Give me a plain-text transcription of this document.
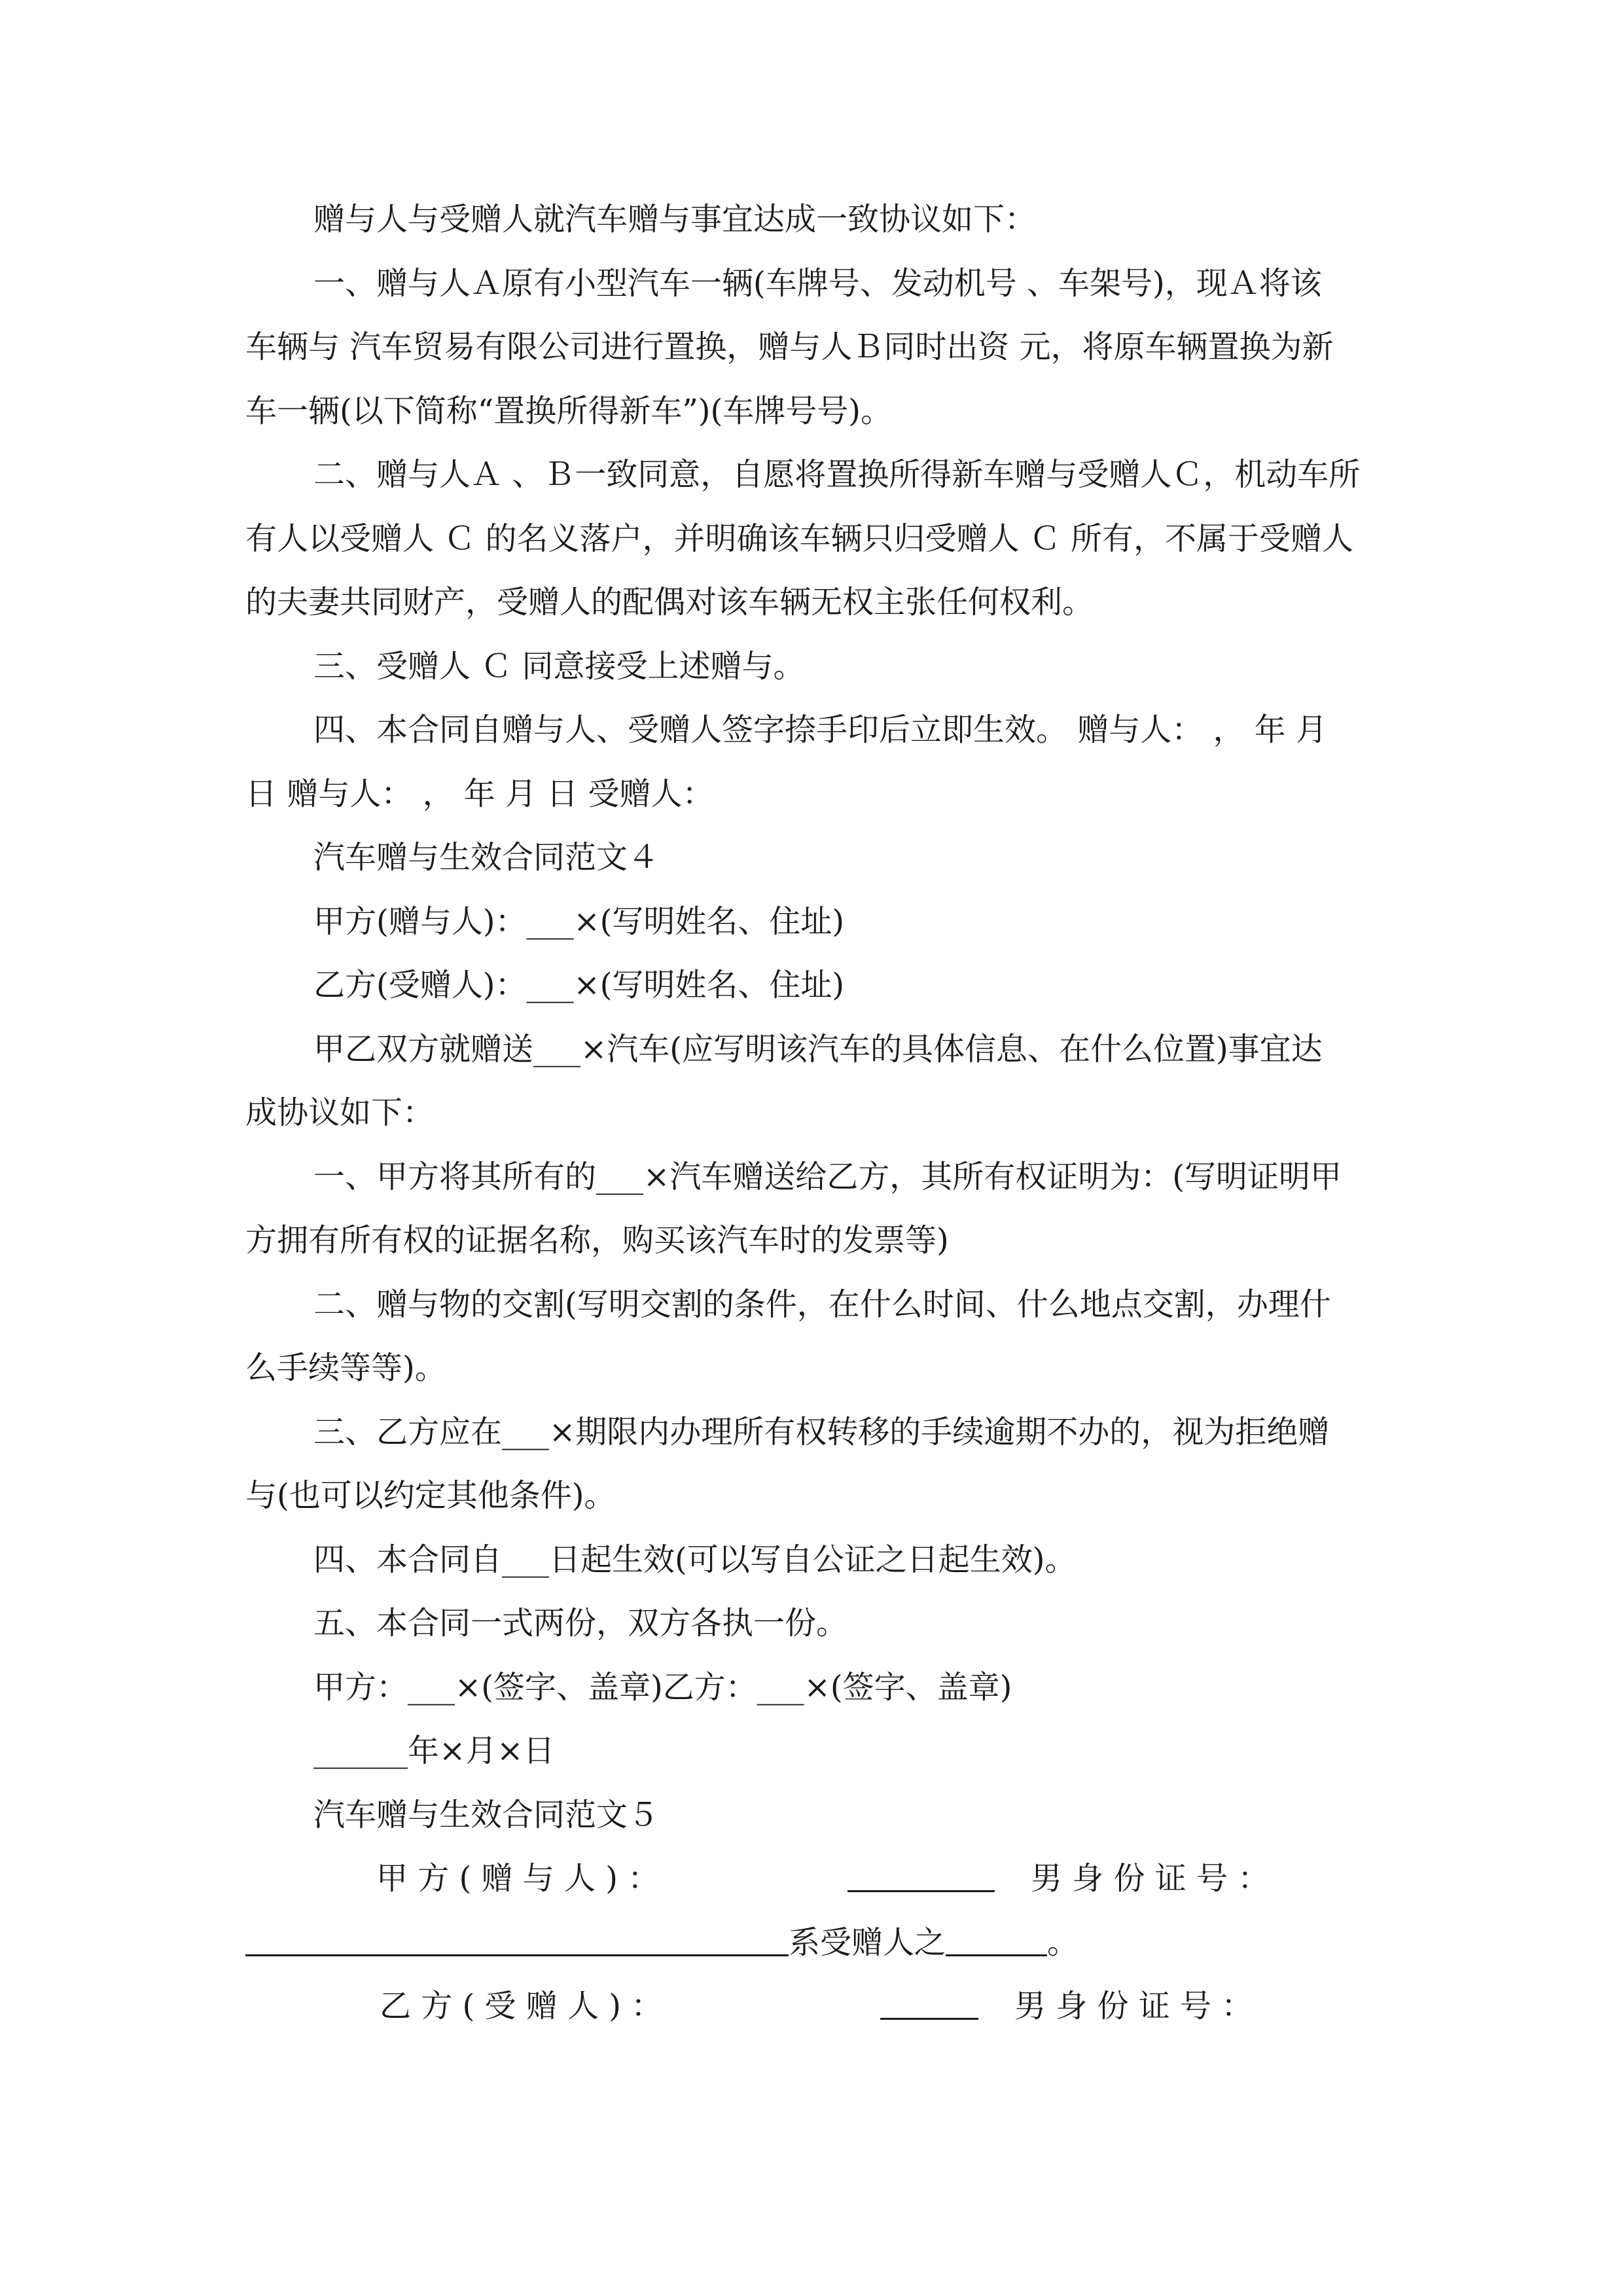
赠与人与受赠人就汽车赠与事宜达成一致协议如下：
一、赠与人Ａ原有小型汽车一辆(车牌号、发动机号 、车架号)，现Ａ将该
车辆与 汽车贸易有限公司进行置换，赠与人Ｂ同时出资 元，将原车辆置换为新
车一辆(以下简称“置换所得新车”)(车牌号号)。
二、赠与人Ａ 、Ｂ一致同意，自愿将置换所得新车赠与受赠人Ｃ，机动车所
有人以受赠人 Ｃ 的名义落户，并明确该车辆只归受赠人 Ｃ 所有，不属于受赠人
的夫妻共同财产，受赠人的配偶对该车辆无权主张任何权利。
三、受赠人 Ｃ 同意接受上述赠与。
四、本合同自赠与人、受赠人签字捺手印后立即生效。 赠与人： ， 年 月
日 赠与人： ， 年 月 日 受赠人：
汽车赠与生效合同范文４
甲方(赠与人)：___×(写明姓名、住址)
乙方(受赠人)：___×(写明姓名、住址)
甲乙双方就赠送___×汽车(应写明该汽车的具体信息、在什么位置)事宜达
成协议如下：
一、甲方将其所有的___×汽车赠送给乙方，其所有权证明为：(写明证明甲
方拥有所有权的证据名称，购买该汽车时的发票等)
二、赠与物的交割(写明交割的条件，在什么时间、什么地点交割，办理什
么手续等等)。
三、乙方应在___×期限内办理所有权转移的手续逾期不办的，视为拒绝赠
与(也可以约定其他条件)。
四、本合同自___日起生效(可以写自公证之日起生效)。
五、本合同一式两份，双方各执一份。
甲方：___×(签字、盖章)乙方：___×(签字、盖章)
______年×月×日
汽车赠与生效合同范文５
甲 方 ( 赠 与 人 ) ：	男 身 份 证 号 ：
系受赠人之	。
乙 方 ( 受 赠 人 ) ：	男 身 份 证 号 ：
